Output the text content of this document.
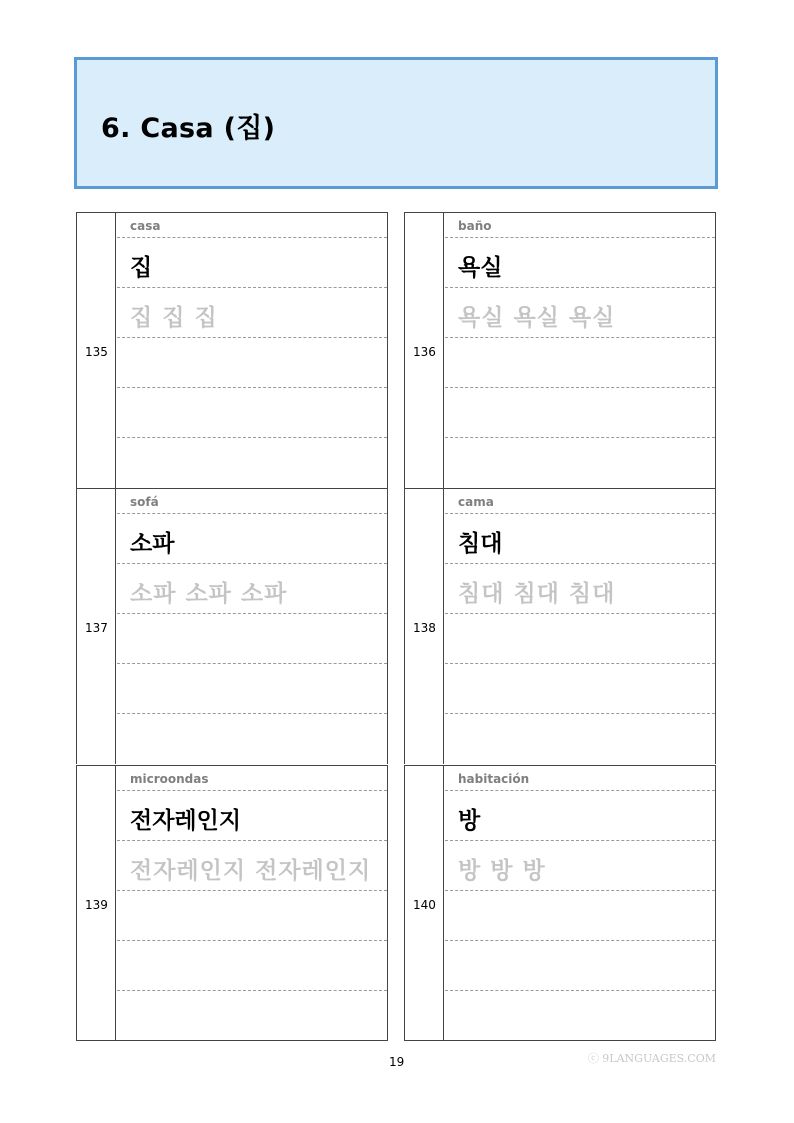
6. Casa (집)
135
casa
집
집 집 집
136
baño
욕실
욕실 욕실 욕실
137
sofá
소파
소파 소파 소파
138
cama
침대
침대 침대 침대
139
microondas
전자레인지
전자레인지 전자레인지
140
habitación
방
방 방 방
19	ⓒ 9LANGUAGES.COM
